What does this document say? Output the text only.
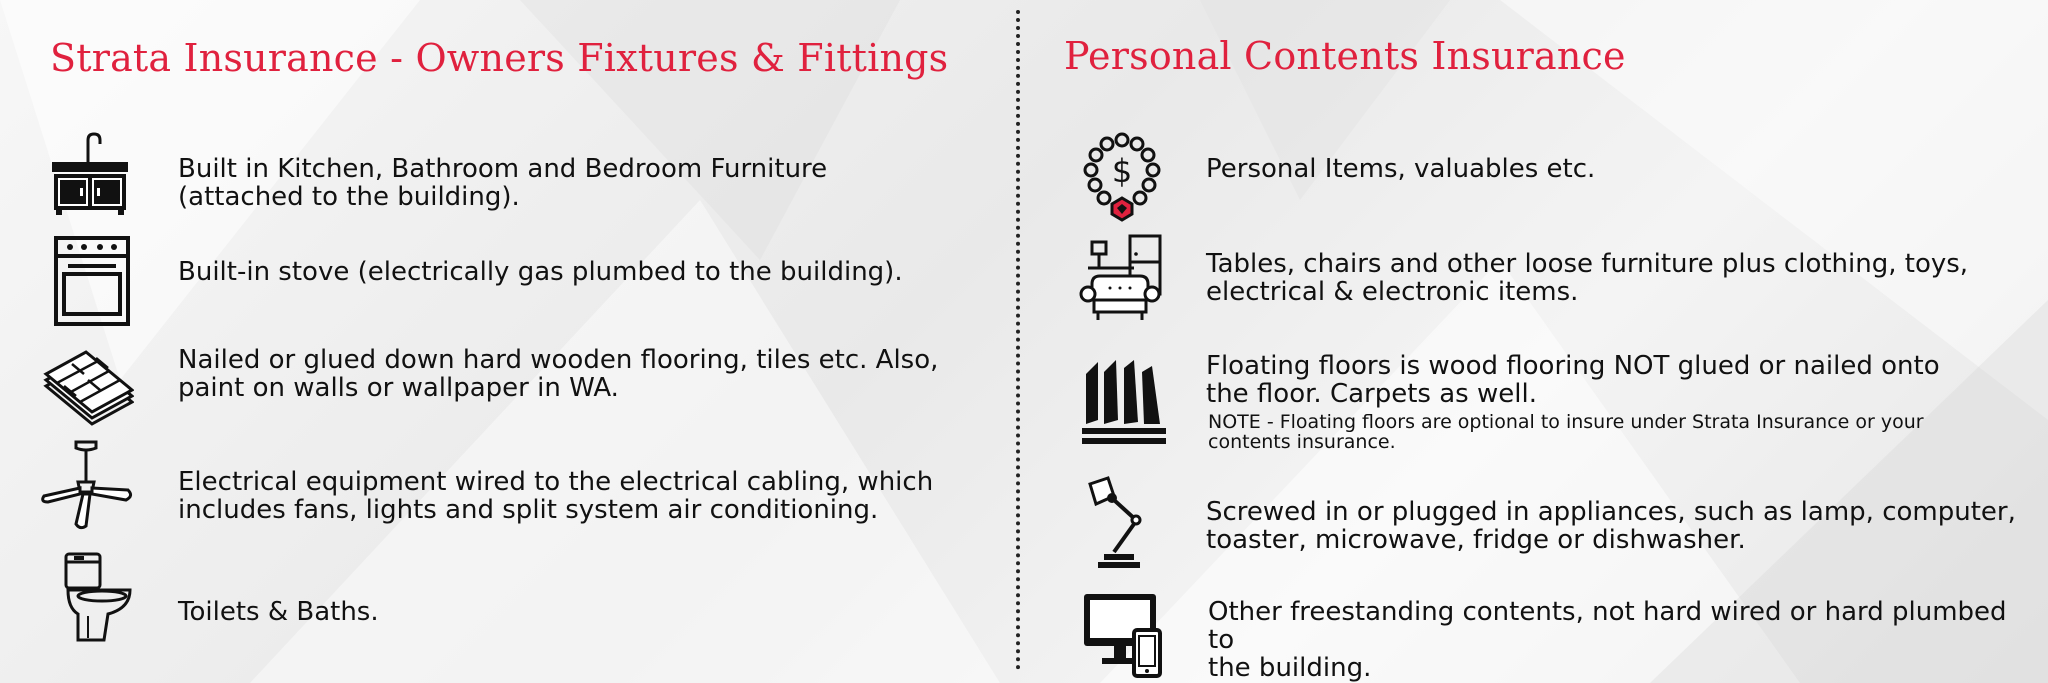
Strata Insurance - Owners Fixtures & Fittings	Personal Contents Insurance
Built in Kitchen, Bathroom and Bedroom Furniture
(attached to the building).
Built-in stove (electrically gas plumbed to the building).
Nailed or glued down hard wooden flooring, tiles etc. Also,
paint on walls or wallpaper in WA.
Electrical equipment wired to the electrical cabling, which
includes fans, lights and split system air conditioning.
Toilets & Baths.
$	Personal Items, valuables etc.
Tables, chairs and other loose furniture plus clothing, toys,
electrical & electronic items.
Floating floors is wood flooring NOT glued or nailed onto
the floor. Carpets as well.
NOTE - Floating floors are optional to insure under Strata Insurance or your contents insurance.
Screwed in or plugged in appliances, such as lamp, computer,
toaster, microwave, fridge or dishwasher.
Other freestanding contents, not hard wired or hard plumbed to
the building.
